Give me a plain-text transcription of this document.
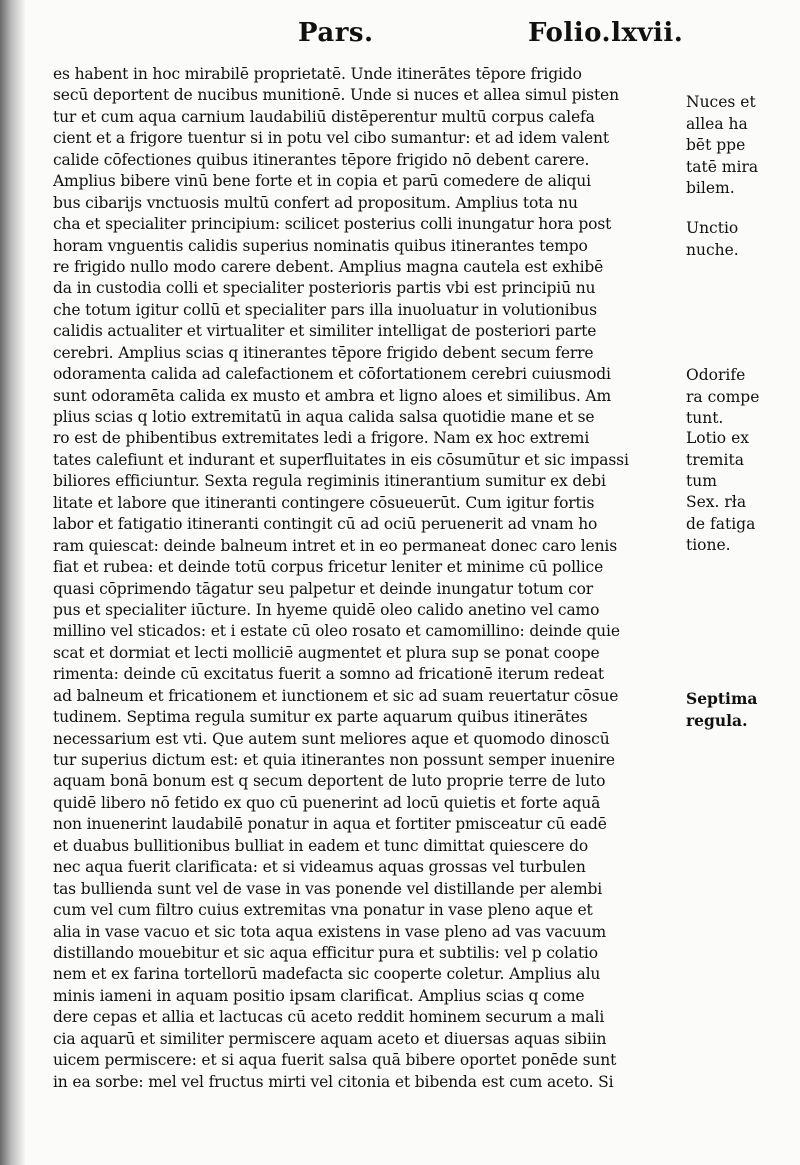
Pars.	Folio.lxvii.
es habent in hoc mirabilē proprietatē. Unde itinerātes tēpore frigido
secū deportent de nucibus munitionē. Unde si nuces et allea simul pisten
tur et cum aqua carnium laudabiliū distēperentur multū corpus calefa
cient et a frigore tuentur si in potu vel cibo sumantur: et ad idem valent
calide cōfectiones quibus itinerantes tēpore frigido nō debent carere.
Amplius bibere vinū bene forte et in copia et parū comedere de aliqui
bus cibarijs vnctuosis multū confert ad propositum. Amplius tota nu
cha et specialiter principium: scilicet posterius colli inungatur hora post
horam vnguentis calidis superius nominatis quibus itinerantes tempo
re frigido nullo modo carere debent. Amplius magna cautela est exhibē
da in custodia colli et specialiter posterioris partis vbi est principiū nu
che totum igitur collū et specialiter pars illa inuoluatur in volutionibus
calidis actualiter et virtualiter et similiter intelligat de posteriori parte
cerebri. Amplius scias q itinerantes tēpore frigido debent secum ferre
odoramenta calida ad calefactionem et cōfortationem cerebri cuiusmodi
sunt odoramēta calida ex musto et ambra et ligno aloes et similibus. Am
plius scias q lotio extremitatū in aqua calida salsa quotidie mane et se
ro est de phibentibus extremitates ledi a frigore. Nam ex hoc extremi
tates calefiunt et indurant et superfluitates in eis cōsumūtur et sic impassi
biliores efficiuntur. Sexta regula regiminis itinerantium sumitur ex debi
litate et labore que itineranti contingere cōsueuerūt. Cum igitur fortis
labor et fatigatio itineranti contingit cū ad ociū peruenerit ad vnam ho
ram quiescat: deinde balneum intret et in eo permaneat donec caro lenis
fiat et rubea: et deinde totū corpus fricetur leniter et minime cū pollice
quasi cōprimendo tāgatur seu palpetur et deinde inungatur totum cor
pus et specialiter iūcture. In hyeme quidē oleo calido anetino vel camo
millino vel sticados: et i estate cū oleo rosato et camomillino: deinde quie
scat et dormiat et lecti molliciē augmentet et plura sup se ponat coope
rimenta: deinde cū excitatus fuerit a somno ad fricationē iterum redeat
ad balneum et fricationem et iunctionem et sic ad suam reuertatur cōsue
tudinem. Septima regula sumitur ex parte aquarum quibus itinerātes
necessarium est vti. Que autem sunt meliores aque et quomodo dinoscū
tur superius dictum est: et quia itinerantes non possunt semper inuenire
aquam bonā bonum est q secum deportent de luto proprie terre de luto
quidē libero nō fetido ex quo cū puenerint ad locū quietis et forte aquā
non inuenerint laudabilē ponatur in aqua et fortiter pmisceatur cū eadē
et duabus bullitionibus bulliat in eadem et tunc dimittat quiescere do
nec aqua fuerit clarificata: et si videamus aquas grossas vel turbulen
tas bullienda sunt vel de vase in vas ponende vel distillande per alembi
cum vel cum filtro cuius extremitas vna ponatur in vase pleno aque et
alia in vase vacuo et sic tota aqua existens in vase pleno ad vas vacuum
distillando mouebitur et sic aqua efficitur pura et subtilis: vel p colatio
nem et ex farina tortellorū madefacta sic cooperte coletur. Amplius alu
minis iameni in aquam positio ipsam clarificat. Amplius scias q come
dere cepas et allia et lactucas cū aceto reddit hominem securum a mali
cia aquarū et similiter permiscere aquam aceto et diuersas aquas sibiin
uicem permiscere: et si aqua fuerit salsa quā bibere oportet ponēde sunt
in ea sorbe: mel vel fructus mirti vel citonia et bibenda est cum aceto. Si
Nuces et
allea ha
bēt ppe
tatē mira
bilem.
Unctio
nuche.
Odorife
ra compe
tunt.
Lotio ex
tremita
tum
Sex. rła
de fatiga
tione.
Septima
regula.
